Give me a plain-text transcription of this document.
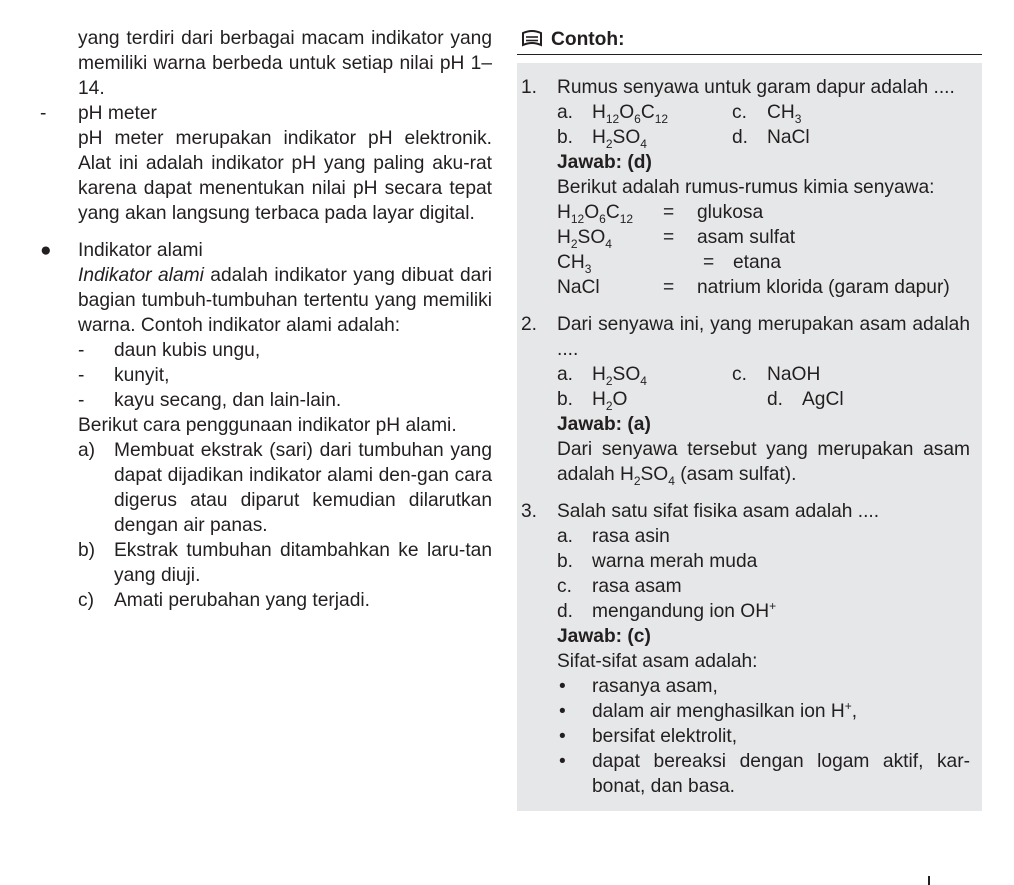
yang terdiri dari berbagai macam indikator yang memiliki warna berbeda untuk setiap nilai pH 1–14.

- pH meter

pH meter merupakan indikator pH elektronik. Alat ini adalah indikator pH yang paling aku-rat karena dapat menentukan nilai pH secara tepat yang akan langsung terbaca pada layar digital.

● Indikator alami

Indikator alami adalah indikator yang dibuat dari bagian tumbuh-tumbuhan tertentu yang memiliki warna. Contoh indikator alami adalah:

- daun kubis ungu,
- kunyit,
- kayu secang, dan lain-lain.

Berikut cara penggunaan indikator pH alami.

a) Membuat ekstrak (sari) dari tumbuhan yang dapat dijadikan indikator alami den-gan cara digerus atau diparut kemudian dilarutkan dengan air panas.
b) Ekstrak tumbuhan ditambahkan ke laru-tan yang diuji.
c) Amati perubahan yang terjadi.
Contoh:
1. Rumus senyawa untuk garam dapur adalah ....

a. $H_{12}O_6C_{12}$	c. $CH_3$
b. $H_2SO_4$	d. NaCl

Jawab: (d)

Berikut adalah rumus-rumus kimia senyawa:

$H_{12}O_6C_{12}$	=	glukosa
$H_2SO_4$	=	asam sulfat
$CH_3$	= etana
NaCl	=	natrium klorida (garam dapur)
2. Dari senyawa ini, yang merupakan asam adalah ....

a. $H_2SO_4$	c. NaOH
b. $H_2O$	d. AgCl

Jawab: (a)

Dari senyawa tersebut yang merupakan asam adalah $H_2SO_4$ (asam sulfat).

3. Salah satu sifat fisika asam adalah ....

a. rasa asin
b. warna merah muda
c. rasa asam
d. mengandung ion OH+

Jawab: (c)

Sifat-sifat asam adalah:

• rasanya asam,
• dalam air menghasilkan ion H+,
• bersifat elektrolit,
• dapat bereaksi dengan logam aktif, kar-bonat, dan basa.
